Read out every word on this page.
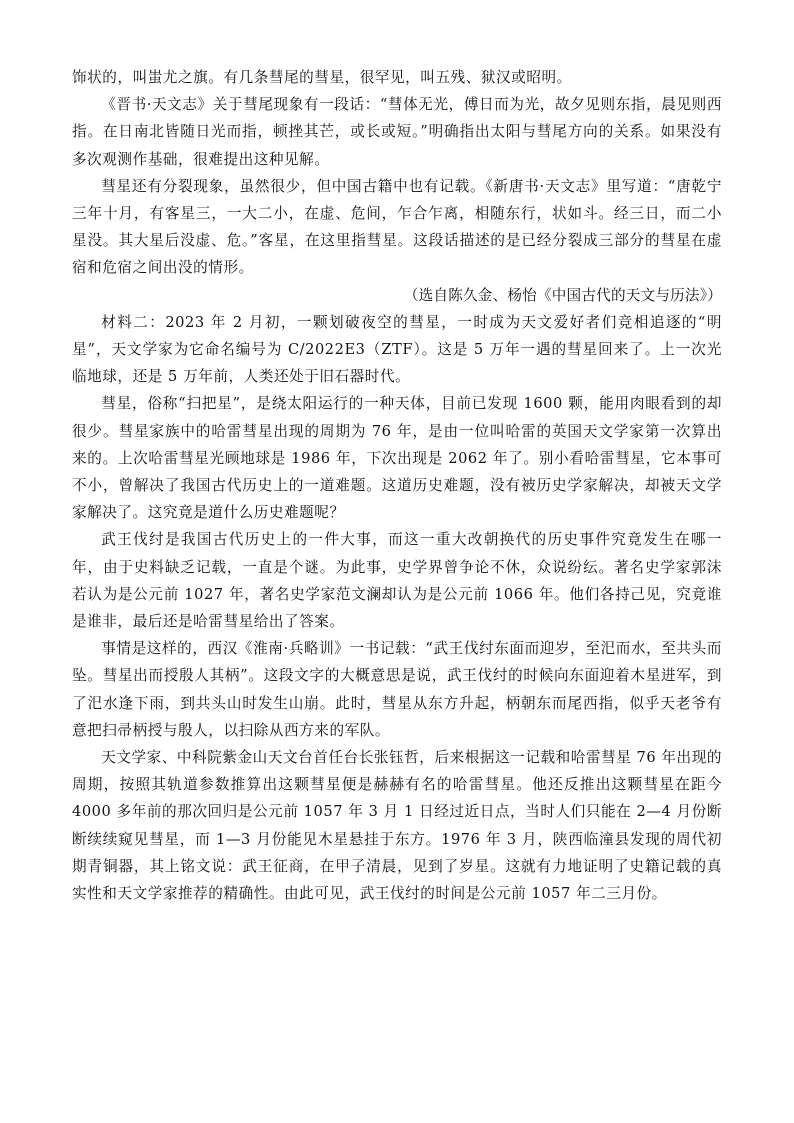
饰状的，叫蚩尤之旗。有几条彗尾的彗星，很罕见，叫五残、狱汉或昭明。

《晋书·天文志》关于彗尾现象有一段话：“彗体无光，傅日而为光，故夕见则东指，晨见则西指。在日南北皆随日光而指，顿挫其芒，或长或短。”明确指出太阳与彗尾方向的关系。如果没有多次观测作基础，很难提出这种见解。

彗星还有分裂现象，虽然很少，但中国古籍中也有记载。《新唐书·天文志》里写道：“唐乾宁三年十月，有客星三，一大二小，在虚、危间，乍合乍离，相随东行，状如斗。经三日，而二小星没。其大星后没虚、危。”客星，在这里指彗星。这段话描述的是已经分裂成三部分的彗星在虚宿和危宿之间出没的情形。

（选自陈久金、杨怡《中国古代的天文与历法》）

材料二：2023 年 2 月初，一颗划破夜空的彗星，一时成为天文爱好者们竞相追逐的“明星”，天文学家为它命名编号为 C/2022E3（ZTF）。这是 5 万年一遇的彗星回来了。上一次光临地球，还是 5 万年前，人类还处于旧石器时代。

彗星，俗称“扫把星”，是绕太阳运行的一种天体，目前已发现 1600 颗，能用肉眼看到的却很少。彗星家族中的哈雷彗星出现的周期为 76 年，是由一位叫哈雷的英国天文学家第一次算出来的。上次哈雷彗星光顾地球是 1986 年，下次出现是 2062 年了。别小看哈雷彗星，它本事可不小，曾解决了我国古代历史上的一道难题。这道历史难题，没有被历史学家解决，却被天文学家解决了。这究竟是道什么历史难题呢？

武王伐纣是我国古代历史上的一件大事，而这一重大改朝换代的历史事件究竟发生在哪一年，由于史料缺乏记载，一直是个谜。为此事，史学界曾争论不休，众说纷纭。著名史学家郭沫若认为是公元前 1027 年，著名史学家范文澜却认为是公元前 1066 年。他们各持己见，究竟谁是谁非，最后还是哈雷彗星给出了答案。

事情是这样的，西汉《淮南·兵略训》一书记载：“武王伐纣东面而迎岁，至汜而水，至共头而坠。彗星出而授殷人其柄”。这段文字的大概意思是说，武王伐纣的时候向东面迎着木星进军，到了汜水逢下雨，到共头山时发生山崩。此时，彗星从东方升起，柄朝东而尾西指，似乎天老爷有意把扫帚柄授与殷人，以扫除从西方来的军队。

天文学家、中科院紫金山天文台首任台长张钰哲，后来根据这一记载和哈雷彗星 76 年出现的周期，按照其轨道参数推算出这颗彗星便是赫赫有名的哈雷彗星。他还反推出这颗彗星在距今 4000 多年前的那次回归是公元前 1057 年 3 月 1 日经过近日点，当时人们只能在 2—4 月份断断续续窥见彗星，而 1—3 月份能见木星悬挂于东方。1976 年 3 月，陕西临潼县发现的周代初期青铜器，其上铭文说：武王征商，在甲子清晨，见到了岁星。这就有力地证明了史籍记载的真实性和天文学家推荐的精确性。由此可见，武王伐纣的时间是公元前 1057 年二三月份。
